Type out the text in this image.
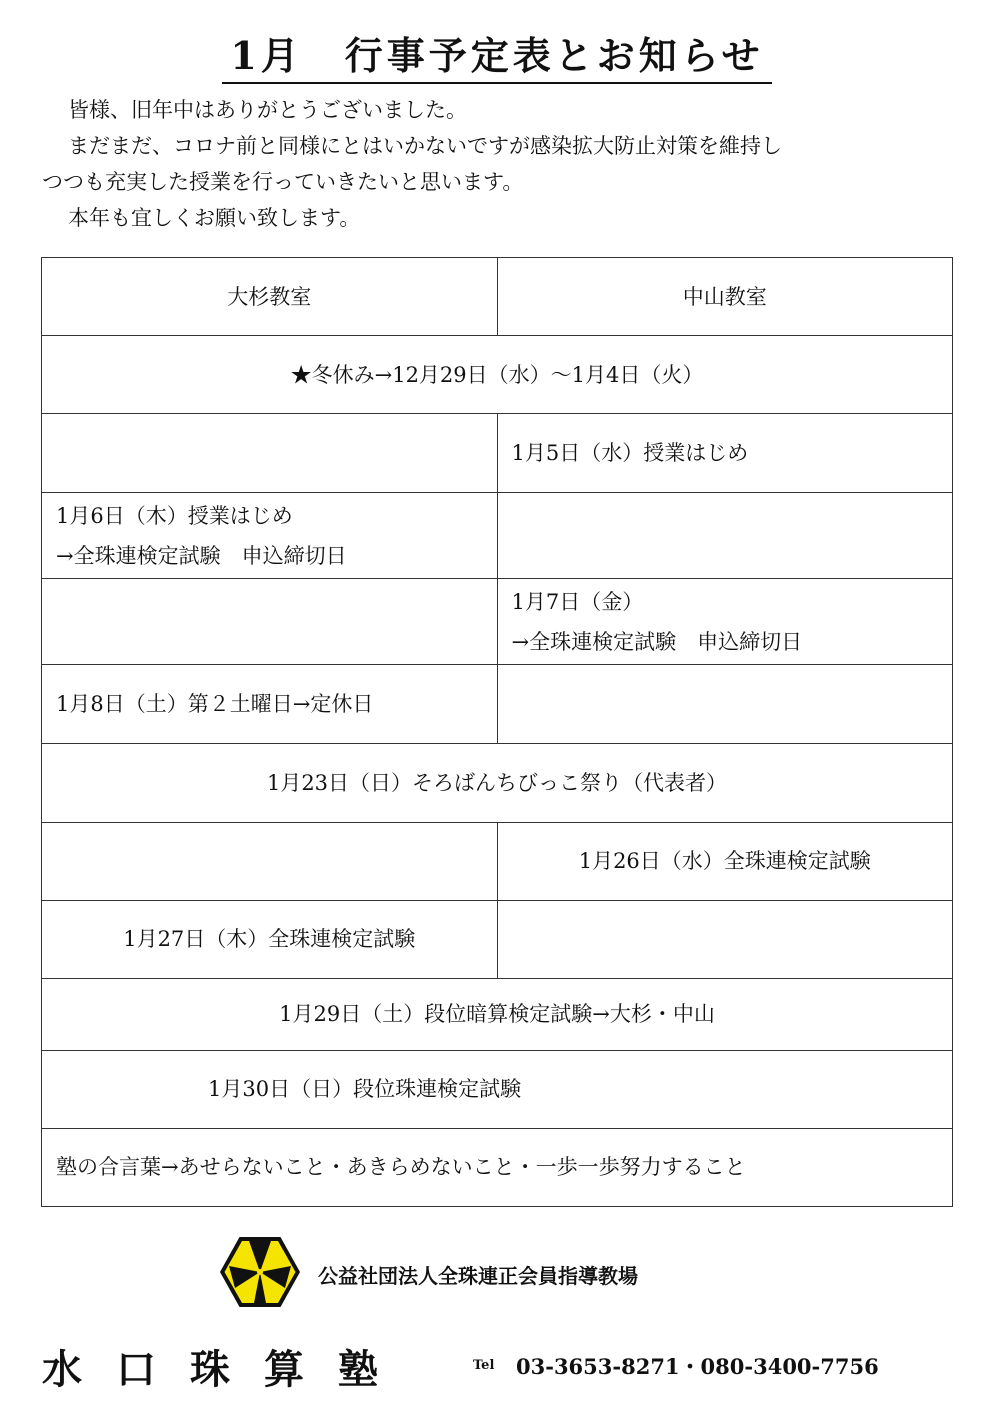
1月　行事予定表とお知らせ

皆様、旧年中はありがとうございました。

まだまだ、コロナ前と同様にとはいかないですが感染拡大防止対策を維持し

つつも充実した授業を行っていきたいと思います。

本年も宜しくお願い致します。

大杉教室	中山教室
★冬休み→12月29日（水）～1月4日（火）	
	1月5日（水）授業はじめ

1月6日（木）授業はじめ
→全珠連検定試験　申込締切日	

	1月7日（金）
→全珠連検定試験　申込締切日

1月8日（土）第２土曜日→定休日	
1月23日（日）そろばんちびっこ祭り（代表者）	
	1月26日（水）全珠連検定試験
1月27日（木）全珠連検定試験	
1月29日（土）段位暗算検定試験→大杉・中山	
1月30日（日）段位珠連検定試験	
塾の合言葉→あせらないこと・あきらめないこと・一歩一歩努力すること	
公益社団法人全珠連正会員指導教場
水口珠算塾	Tel 03-3653-8271・080-3400-7756
